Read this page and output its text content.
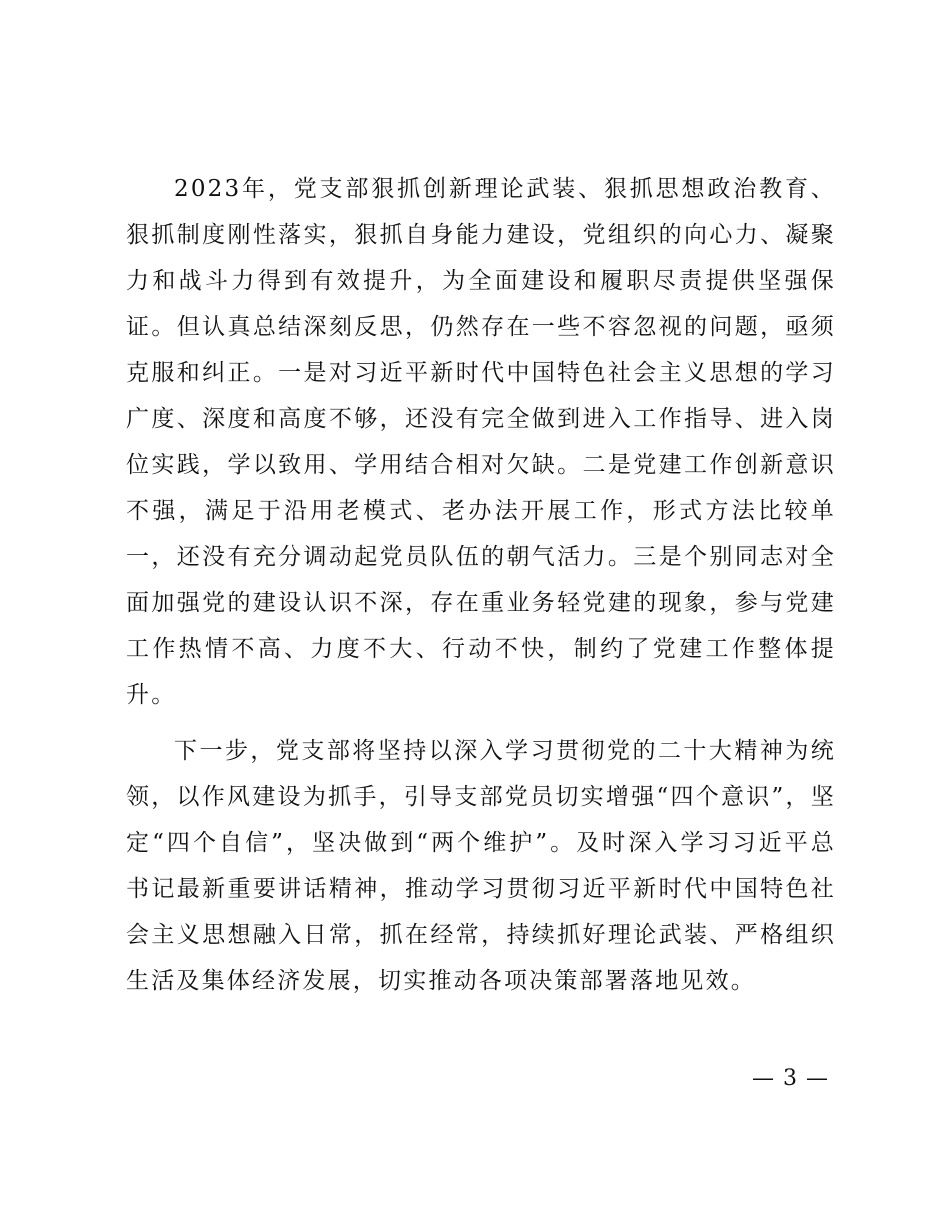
2023年，党支部狠抓创新理论武装、狠抓思想政治教育、狠抓制度刚性落实，狠抓自身能力建设，党组织的向心力、凝聚力和战斗力得到有效提升，为全面建设和履职尽责提供坚强保证。但认真总结深刻反思，仍然存在一些不容忽视的问题，亟须克服和纠正。一是对习近平新时代中国特色社会主义思想的学习广度、深度和高度不够，还没有完全做到进入工作指导、进入岗位实践，学以致用、学用结合相对欠缺。二是党建工作创新意识不强，满足于沿用老模式、老办法开展工作，形式方法比较单一，还没有充分调动起党员队伍的朝气活力。三是个别同志对全面加强党的建设认识不深，存在重业务轻党建的现象，参与党建工作热情不高、力度不大、行动不快，制约了党建工作整体提升。

下一步，党支部将坚持以深入学习贯彻党的二十大精神为统领，以作风建设为抓手，引导支部党员切实增强“四个意识”，坚定“四个自信”，坚决做到“两个维护”。及时深入学习习近平总书记最新重要讲话精神，推动学习贯彻习近平新时代中国特色社会主义思想融入日常，抓在经常，持续抓好理论武装、严格组织生活及集体经济发展，切实推动各项决策部署落地见效。

— 3 —
